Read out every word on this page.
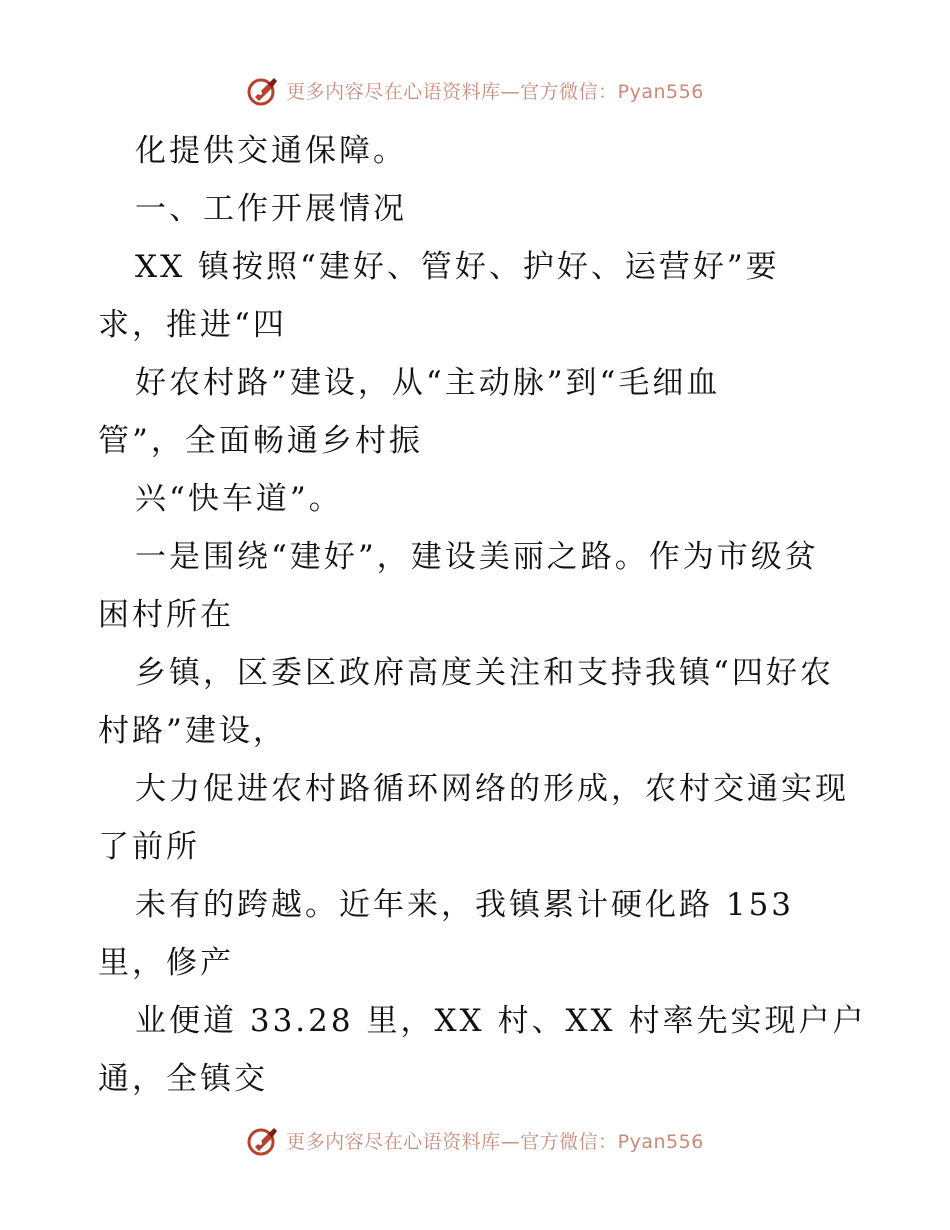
更多内容尽在心语资料库—官方微信：Pyan556
化提供交通保障。
一、工作开展情况
XX 镇按照“建好、管好、护好、运营好”要
求，推进“四
好农村路”建设，从“主动脉”到“毛细血
管”，全面畅通乡村振
兴“快车道”。
一是围绕“建好”，建设美丽之路。作为市级贫
困村所在
乡镇，区委区政府高度关注和支持我镇“四好农
村路”建设，
大力促进农村路循环网络的形成，农村交通实现
了前所
未有的跨越。近年来，我镇累计硬化路 153
里，修产
业便道 33.28 里，XX 村、XX 村率先实现户户
通，全镇交
更多内容尽在心语资料库—官方微信：Pyan556
